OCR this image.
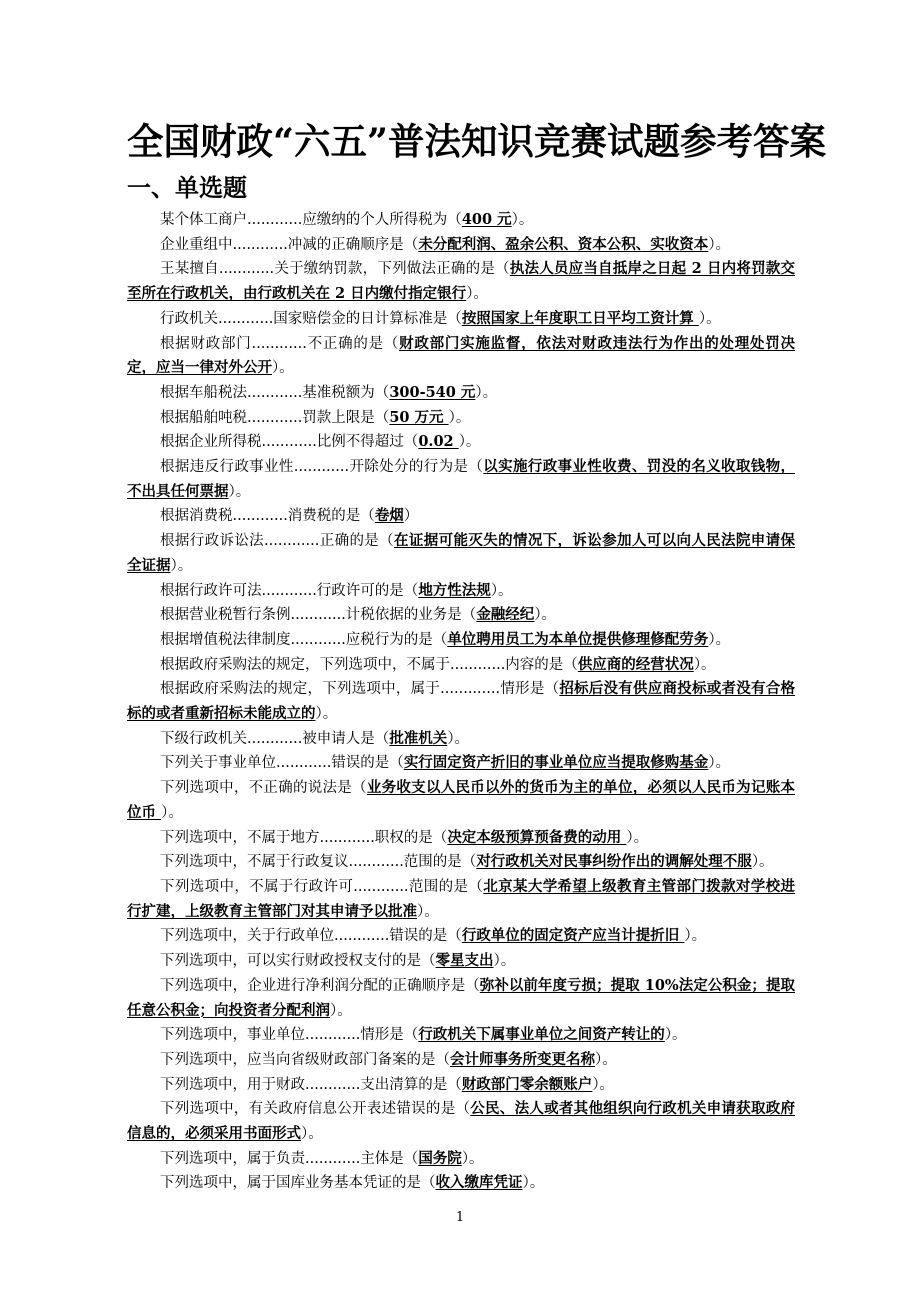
全国财政“六五”普法知识竞赛试题参考答案
一、单选题
某个体工商户............应缴纳的个人所得税为（400 元）。
企业重组中............冲减的正确顺序是（未分配利润、盈余公积、资本公积、实收资本）。
王某擅自............关于缴纳罚款，下列做法正确的是（执法人员应当自抵岸之日起 2 日内将罚款交至所在行政机关，由行政机关在 2 日内缴付指定银行）。
行政机关............国家赔偿金的日计算标准是（按照国家上年度职工日平均工资计算 ）。
根据财政部门............不正确的是（财政部门实施监督，依法对财政违法行为作出的处理处罚决定，应当一律对外公开）。
根据车船税法............基准税额为（300-540 元）。
根据船舶吨税............罚款上限是（50 万元 ）。
根据企业所得税............比例不得超过（0.02 ）。
根据违反行政事业性............开除处分的行为是（以实施行政事业性收费、罚没的名义收取钱物，不出具任何票据）。
根据消费税............消费税的是（卷烟）
根据行政诉讼法............正确的是（在证据可能灭失的情况下，诉讼参加人可以向人民法院申请保全证据）。
根据行政许可法............行政许可的是（地方性法规）。
根据营业税暂行条例............计税依据的业务是（金融经纪）。
根据增值税法律制度............应税行为的是（单位聘用员工为本单位提供修理修配劳务）。
根据政府采购法的规定，下列选项中，不属于............内容的是（供应商的经营状况）。
根据政府采购法的规定，下列选项中，属于.............情形是（招标后没有供应商投标或者没有合格标的或者重新招标未能成立的）。
下级行政机关............被申请人是（批准机关）。
下列关于事业单位............错误的是（实行固定资产折旧的事业单位应当提取修购基金）。
下列选项中，不正确的说法是（业务收支以人民币以外的货币为主的单位，必须以人民币为记账本位币 ）。
下列选项中，不属于地方............职权的是（决定本级预算预备费的动用 ）。
下列选项中，不属于行政复议............范围的是（对行政机关对民事纠纷作出的调解处理不服）。
下列选项中，不属于行政许可............范围的是（北京某大学希望上级教育主管部门拨款对学校进行扩建，上级教育主管部门对其申请予以批准）。
下列选项中，关于行政单位............错误的是（行政单位的固定资产应当计提折旧 ）。
下列选项中，可以实行财政授权支付的是（零星支出）。
下列选项中，企业进行净利润分配的正确顺序是（弥补以前年度亏损；提取 10%法定公积金；提取任意公积金；向投资者分配利润）。
下列选项中，事业单位............情形是（行政机关下属事业单位之间资产转让的）。
下列选项中，应当向省级财政部门备案的是（会计师事务所变更名称）。
下列选项中，用于财政............支出清算的是（财政部门零余额账户）。
下列选项中，有关政府信息公开表述错误的是（公民、法人或者其他组织向行政机关申请获取政府信息的，必须采用书面形式）。
下列选项中，属于负责............主体是（国务院）。
下列选项中，属于国库业务基本凭证的是（收入缴库凭证）。
1
